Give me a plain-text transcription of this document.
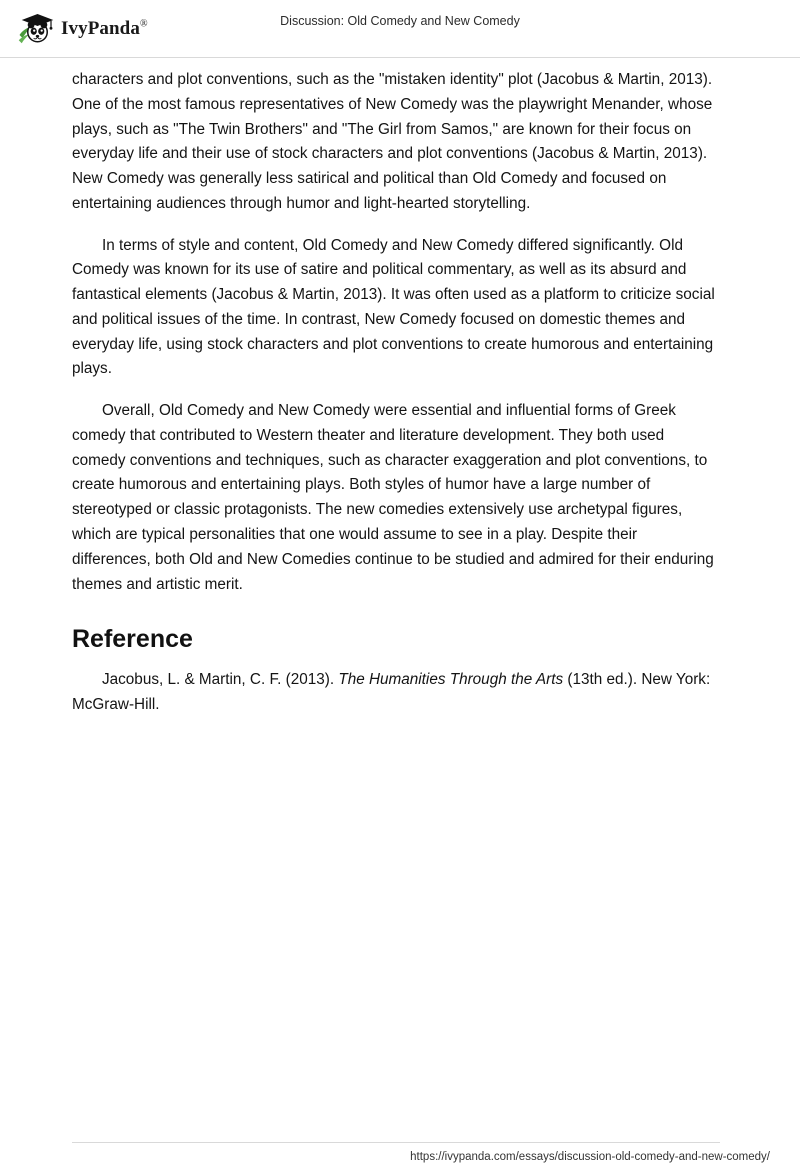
IvyPanda®	Discussion: Old Comedy and New Comedy

characters and plot conventions, such as the "mistaken identity" plot (Jacobus & Martin, 2013). One of the most famous representatives of New Comedy was the playwright Menander, whose plays, such as "The Twin Brothers" and "The Girl from Samos," are known for their focus on everyday life and their use of stock characters and plot conventions (Jacobus & Martin, 2013). New Comedy was generally less satirical and political than Old Comedy and focused on entertaining audiences through humor and light-hearted storytelling.

In terms of style and content, Old Comedy and New Comedy differed significantly. Old Comedy was known for its use of satire and political commentary, as well as its absurd and fantastical elements (Jacobus & Martin, 2013). It was often used as a platform to criticize social and political issues of the time. In contrast, New Comedy focused on domestic themes and everyday life, using stock characters and plot conventions to create humorous and entertaining plays.

Overall, Old Comedy and New Comedy were essential and influential forms of Greek comedy that contributed to Western theater and literature development. They both used comedy conventions and techniques, such as character exaggeration and plot conventions, to create humorous and entertaining plays. Both styles of humor have a large number of stereotyped or classic protagonists. The new comedies extensively use archetypal figures, which are typical personalities that one would assume to see in a play. Despite their differences, both Old and New Comedies continue to be studied and admired for their enduring themes and artistic merit.

Reference

Jacobus, L. & Martin, C. F. (2013). The Humanities Through the Arts (13th ed.). New York: McGraw-Hill.

https://ivypanda.com/essays/discussion-old-comedy-and-new-comedy/
